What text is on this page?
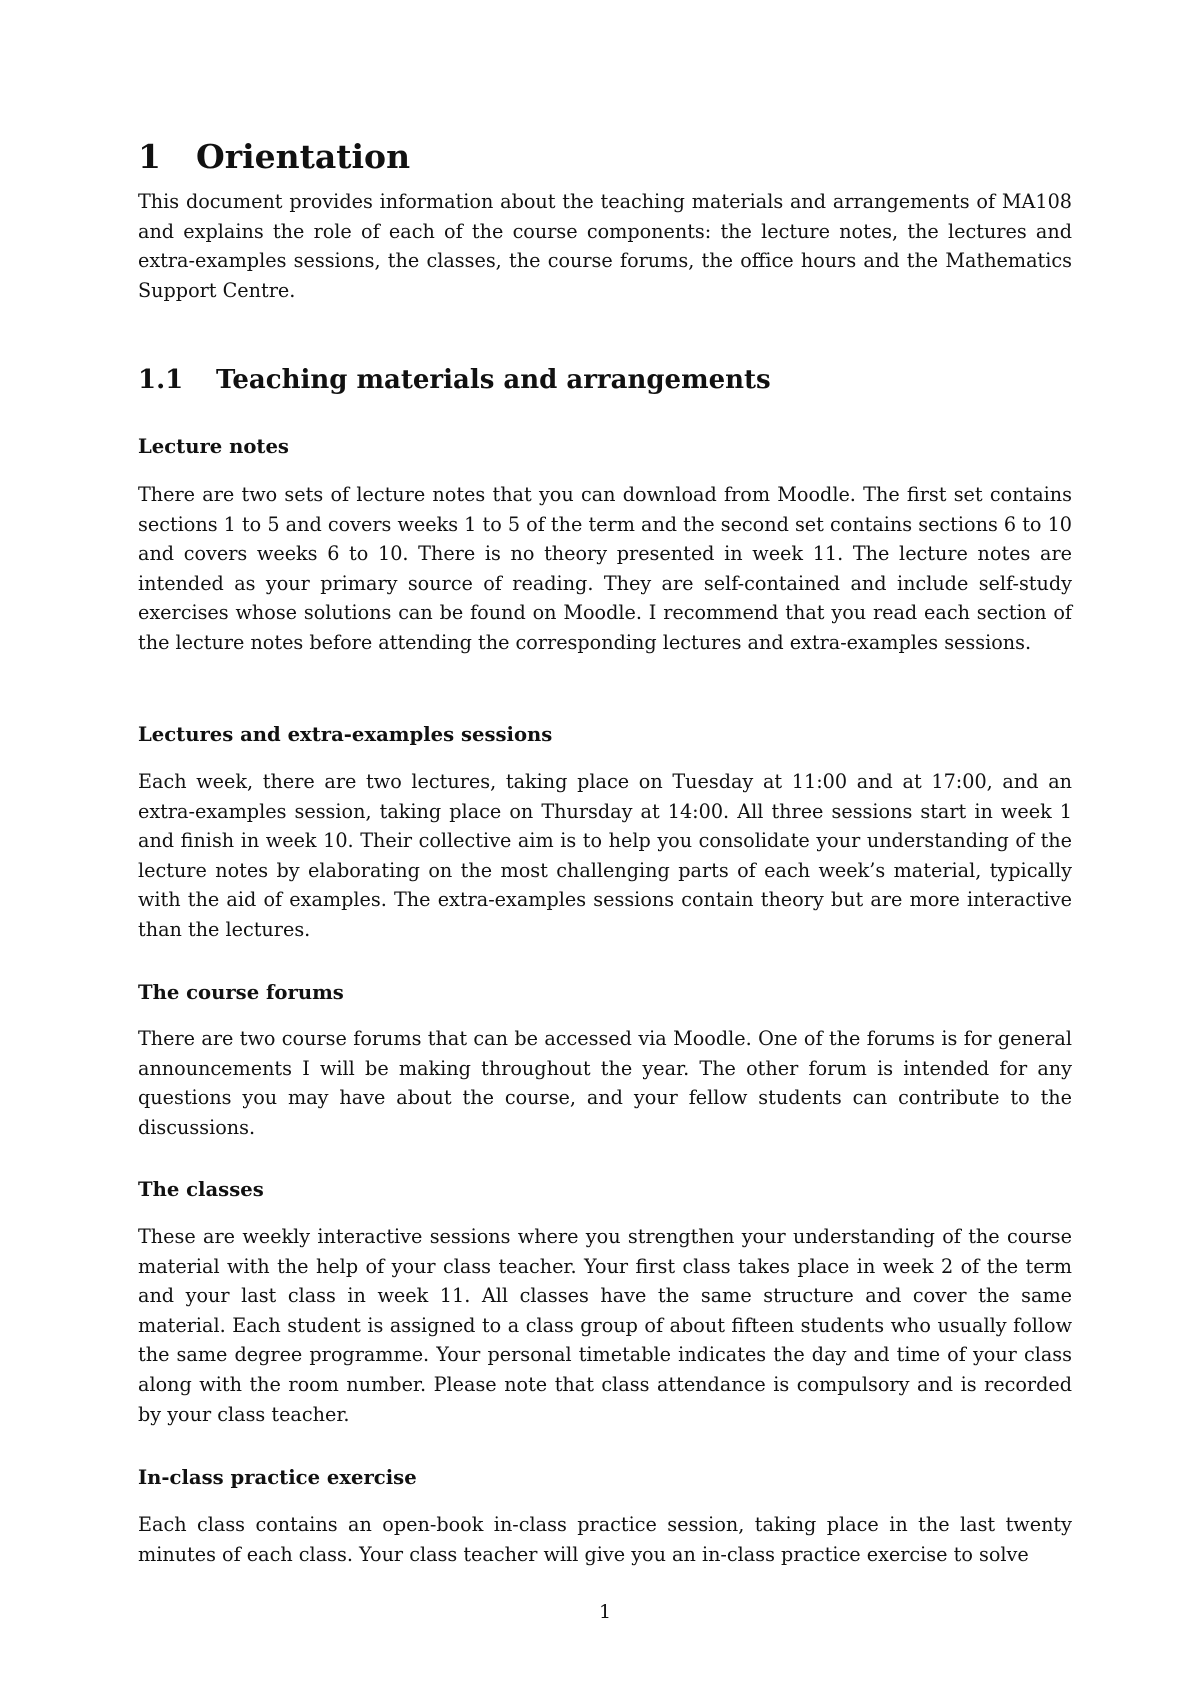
1 Orientation

This document provides information about the teaching materials and arrangements of MA108 and explains the role of each of the course components: the lecture notes, the lectures and extra-examples sessions, the classes, the course forums, the office hours and the Mathematics Support Centre.

1.1 Teaching materials and arrangements
Lecture notes

There are two sets of lecture notes that you can download from Moodle. The first set contains sections 1 to 5 and covers weeks 1 to 5 of the term and the second set contains sections 6 to 10 and covers weeks 6 to 10. There is no theory presented in week 11. The lecture notes are intended as your primary source of reading. They are self-contained and include self-study exercises whose solutions can be found on Moodle. I recommend that you read each section of the lecture notes before attending the corresponding lectures and extra-examples sessions.

Lectures and extra-examples sessions

Each week, there are two lectures, taking place on Tuesday at 11:00 and at 17:00, and an extra-examples session, taking place on Thursday at 14:00. All three sessions start in week 1 and finish in week 10. Their collective aim is to help you consolidate your understanding of the lecture notes by elaborating on the most challenging parts of each week’s material, typically with the aid of examples. The extra-examples sessions contain theory but are more interactive than the lectures.

The course forums

There are two course forums that can be accessed via Moodle. One of the forums is for general announcements I will be making throughout the year. The other forum is intended for any questions you may have about the course, and your fellow students can contribute to the discussions.

The classes

These are weekly interactive sessions where you strengthen your understanding of the course material with the help of your class teacher. Your first class takes place in week 2 of the term and your last class in week 11. All classes have the same structure and cover the same material. Each student is assigned to a class group of about fifteen students who usually follow the same degree programme. Your personal timetable indicates the day and time of your class along with the room number. Please note that class attendance is compulsory and is recorded by your class teacher.

In-class practice exercise

Each class contains an open-book in-class practice session, taking place in the last twenty minutes of each class. Your class teacher will give you an in-class practice exercise to solve

1
